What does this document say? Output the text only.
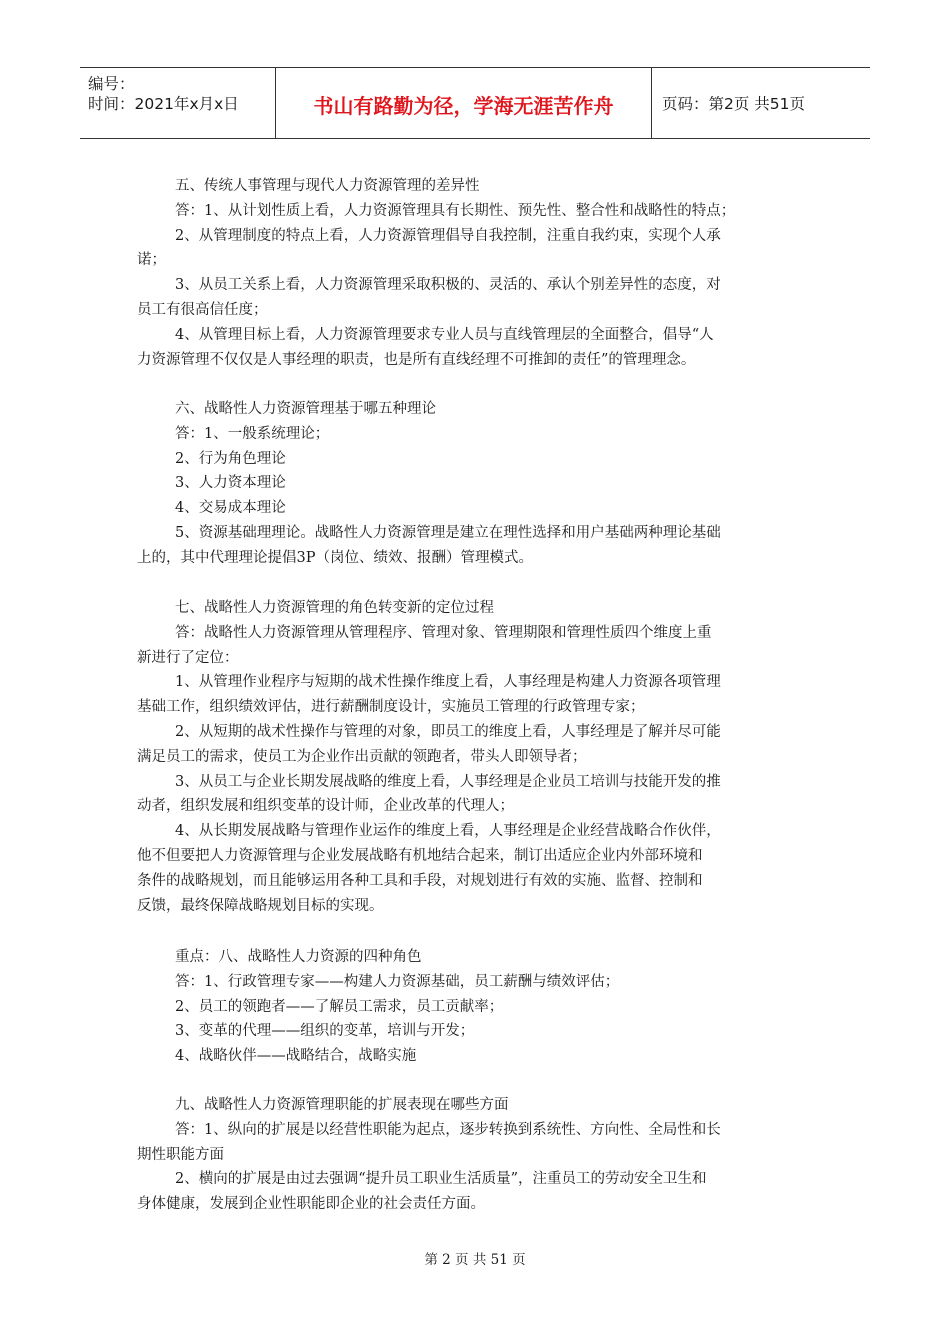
编号：
时间：2021年x月x日	书山有路勤为径，学海无涯苦作舟	页码：第2页 共51页
五、传统人事管理与现代人力资源管理的差异性
答：1、从计划性质上看，人力资源管理具有长期性、预先性、整合性和战略性的特点；
2、从管理制度的特点上看，人力资源管理倡导自我控制，注重自我约束，实现个人承
诺；
3、从员工关系上看，人力资源管理采取积极的、灵活的、承认个别差异性的态度，对
员工有很高信任度；
4、从管理目标上看，人力资源管理要求专业人员与直线管理层的全面整合，倡导“人
力资源管理不仅仅是人事经理的职责，也是所有直线经理不可推卸的责任”的管理理念。
六、战略性人力资源管理基于哪五种理论
答：1、一般系统理论；
2、行为角色理论
3、人力资本理论
4、交易成本理论
5、资源基础理理论。战略性人力资源管理是建立在理性选择和用户基础两种理论基础
上的，其中代理理论提倡3P（岗位、绩效、报酬）管理模式。
七、战略性人力资源管理的角色转变新的定位过程
答：战略性人力资源管理从管理程序、管理对象、管理期限和管理性质四个维度上重
新进行了定位：
1、从管理作业程序与短期的战术性操作维度上看，人事经理是构建人力资源各项管理
基础工作，组织绩效评估，进行薪酬制度设计，实施员工管理的行政管理专家；
2、从短期的战术性操作与管理的对象，即员工的维度上看，人事经理是了解并尽可能
满足员工的需求，使员工为企业作出贡献的领跑者，带头人即领导者；
3、从员工与企业长期发展战略的维度上看，人事经理是企业员工培训与技能开发的推
动者，组织发展和组织变革的设计师，企业改革的代理人；
4、从长期发展战略与管理作业运作的维度上看，人事经理是企业经营战略合作伙伴，
他不但要把人力资源管理与企业发展战略有机地结合起来，制订出适应企业内外部环境和
条件的战略规划，而且能够运用各种工具和手段，对规划进行有效的实施、监督、控制和
反馈，最终保障战略规划目标的实现。
重点：八、战略性人力资源的四种角色
答：1、行政管理专家——构建人力资源基础，员工薪酬与绩效评估；
2、员工的领跑者——了解员工需求，员工贡献率；
3、变革的代理——组织的变革，培训与开发；
4、战略伙伴——战略结合，战略实施
九、战略性人力资源管理职能的扩展表现在哪些方面
答：1、纵向的扩展是以经营性职能为起点，逐步转换到系统性、方向性、全局性和长
期性职能方面
2、横向的扩展是由过去强调“提升员工职业生活质量”，注重员工的劳动安全卫生和
身体健康，发展到企业性职能即企业的社会责任方面。
第 2 页 共 51 页
